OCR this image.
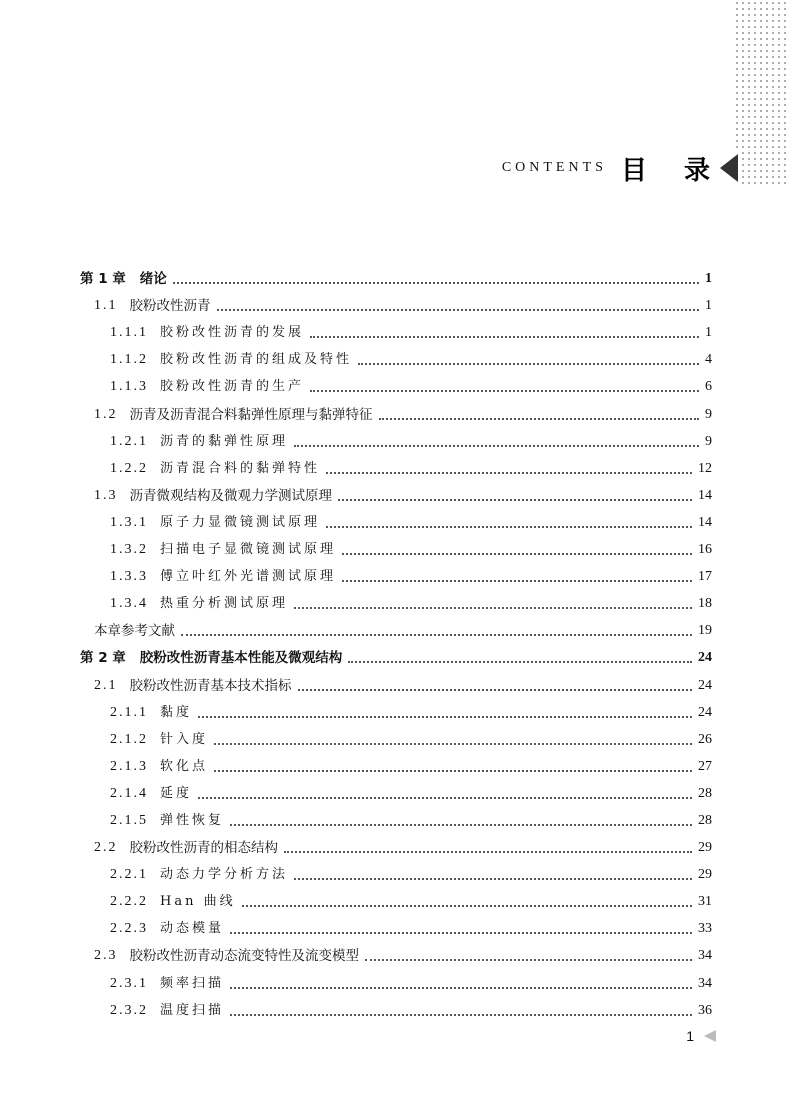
CONTENTS 目 录
第 1 章 绪论	1
1.1 胶粉改性沥青	1
1.1.1 胶粉改性沥青的发展	1
1.1.2 胶粉改性沥青的组成及特性	4
1.1.3 胶粉改性沥青的生产	6
1.2 沥青及沥青混合料黏弹性原理与黏弹特征	9
1.2.1 沥青的黏弹性原理	9
1.2.2 沥青混合料的黏弹特性	12
1.3 沥青微观结构及微观力学测试原理	14
1.3.1 原子力显微镜测试原理	14
1.3.2 扫描电子显微镜测试原理	16
1.3.3 傅立叶红外光谱测试原理	17
1.3.4 热重分析测试原理	18
本章参考文献	19
第 2 章 胶粉改性沥青基本性能及微观结构	24
2.1 胶粉改性沥青基本技术指标	24
2.1.1 黏度	24
2.1.2 针入度	26
2.1.3 软化点	27
2.1.4 延度	28
2.1.5 弹性恢复	28
2.2 胶粉改性沥青的相态结构	29
2.2.1 动态力学分析方法	29
2.2.2 Han 曲线	31
2.2.3 动态模量	33
2.3 胶粉改性沥青动态流变特性及流变模型	34
2.3.1 频率扫描	34
2.3.2 温度扫描	36
1
